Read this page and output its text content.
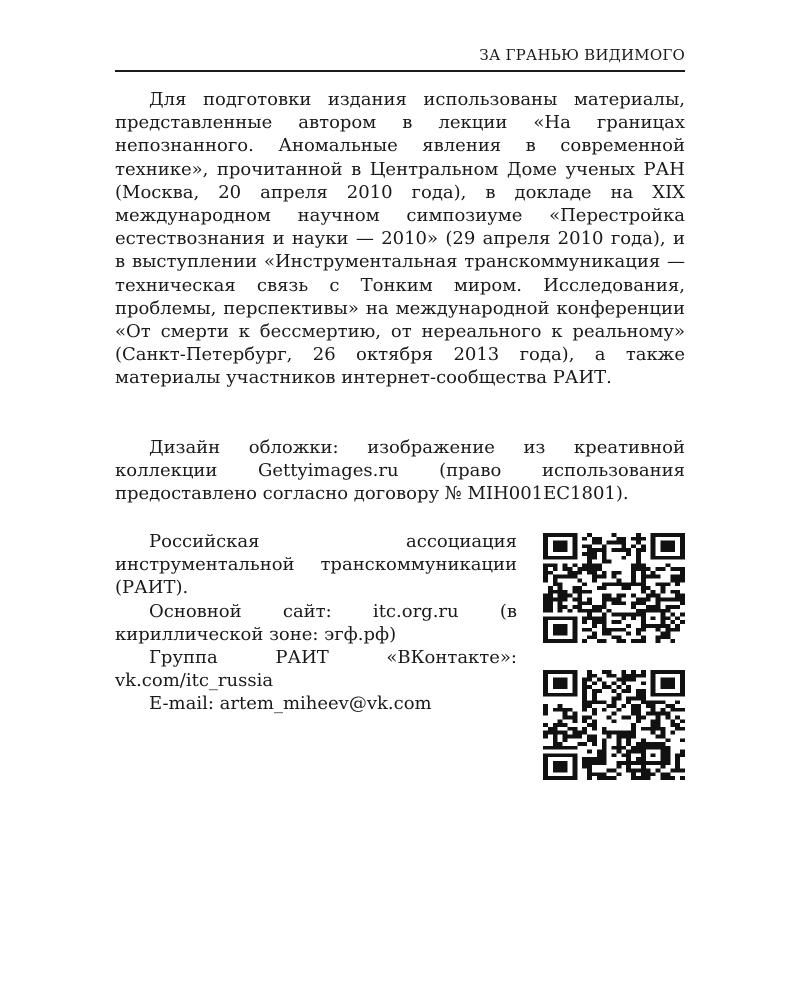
ЗА ГРАНЬЮ ВИДИМОГО

Для подготовки издания использованы материалы, представленные автором в лекции «На границах непознанного. Аномальные явления в современной технике», прочитанной в Центральном Доме ученых РАН (Москва, 20 апреля 2010 года), в докладе на XIX международном научном симпозиуме «Перестройка естествознания и науки — 2010» (29 апреля 2010 года), и в выступлении «Инструментальная транскоммуникация — техническая связь с Тонким миром. Исследования, проблемы, перспективы» на международной конференции «От смерти к бессмертию, от нереального к реальному» (Санкт-Петербург, 26 октября 2013 года), а также материалы участников интернет-сообщества РАИТ.

Дизайн обложки: изображение из креативной коллекции Gettyimages.ru (право использования предоставлено согласно договору № MIH001EC1801).

Российская ассоциация инструментальной транскоммуникации (РАИТ).

Основной сайт: itc.org.ru (в кириллической зоне: эгф.рф)

Группа РАИТ «ВКонтакте»: vk.com/itc_russia

E-mail: artem_miheev@vk.com
